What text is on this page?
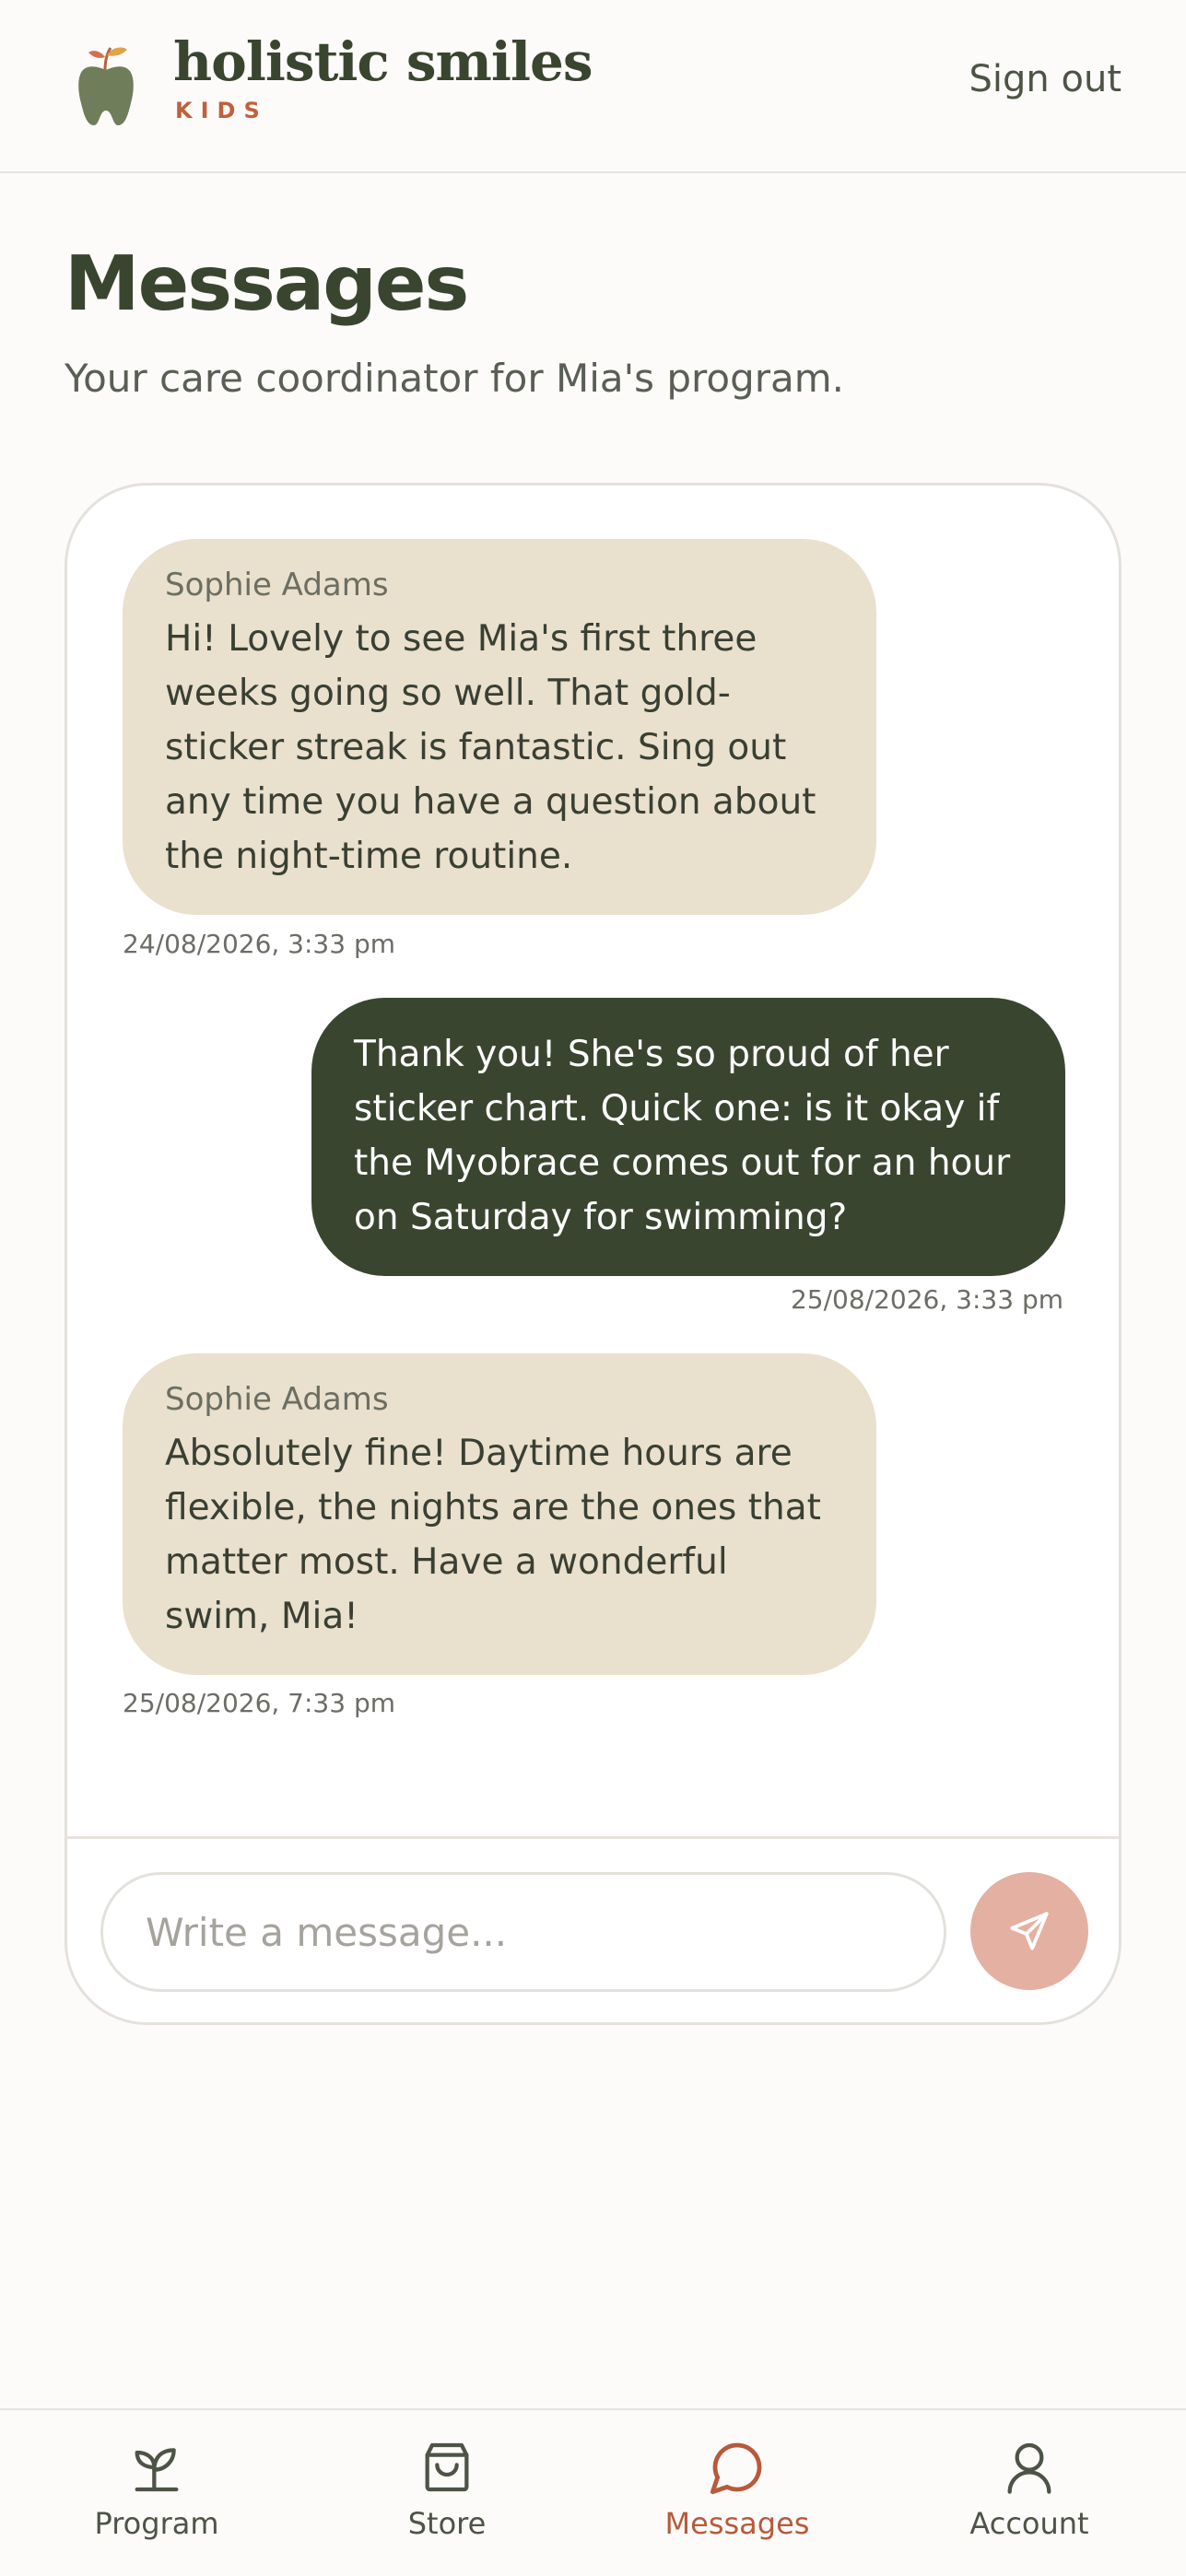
holistic smiles
KIDS
Sign out
Messages

Your care coordinator for Mia's program.

Sophie Adams
Hi! Lovely to see Mia's first three weeks going so well. That gold-sticker streak is fantastic. Sing out any time you have a question about the night-time routine.
24/08/2026, 3:33 pm
Thank you! She's so proud of her sticker chart. Quick one: is it okay if the Myobrace comes out for an hour on Saturday for swimming?
25/08/2026, 3:33 pm
Sophie Adams
Absolutely fine! Daytime hours are flexible, the nights are the ones that matter most. Have a wonderful swim, Mia!
25/08/2026, 7:33 pm
Write a message...
Program	Store	Messages	Account
